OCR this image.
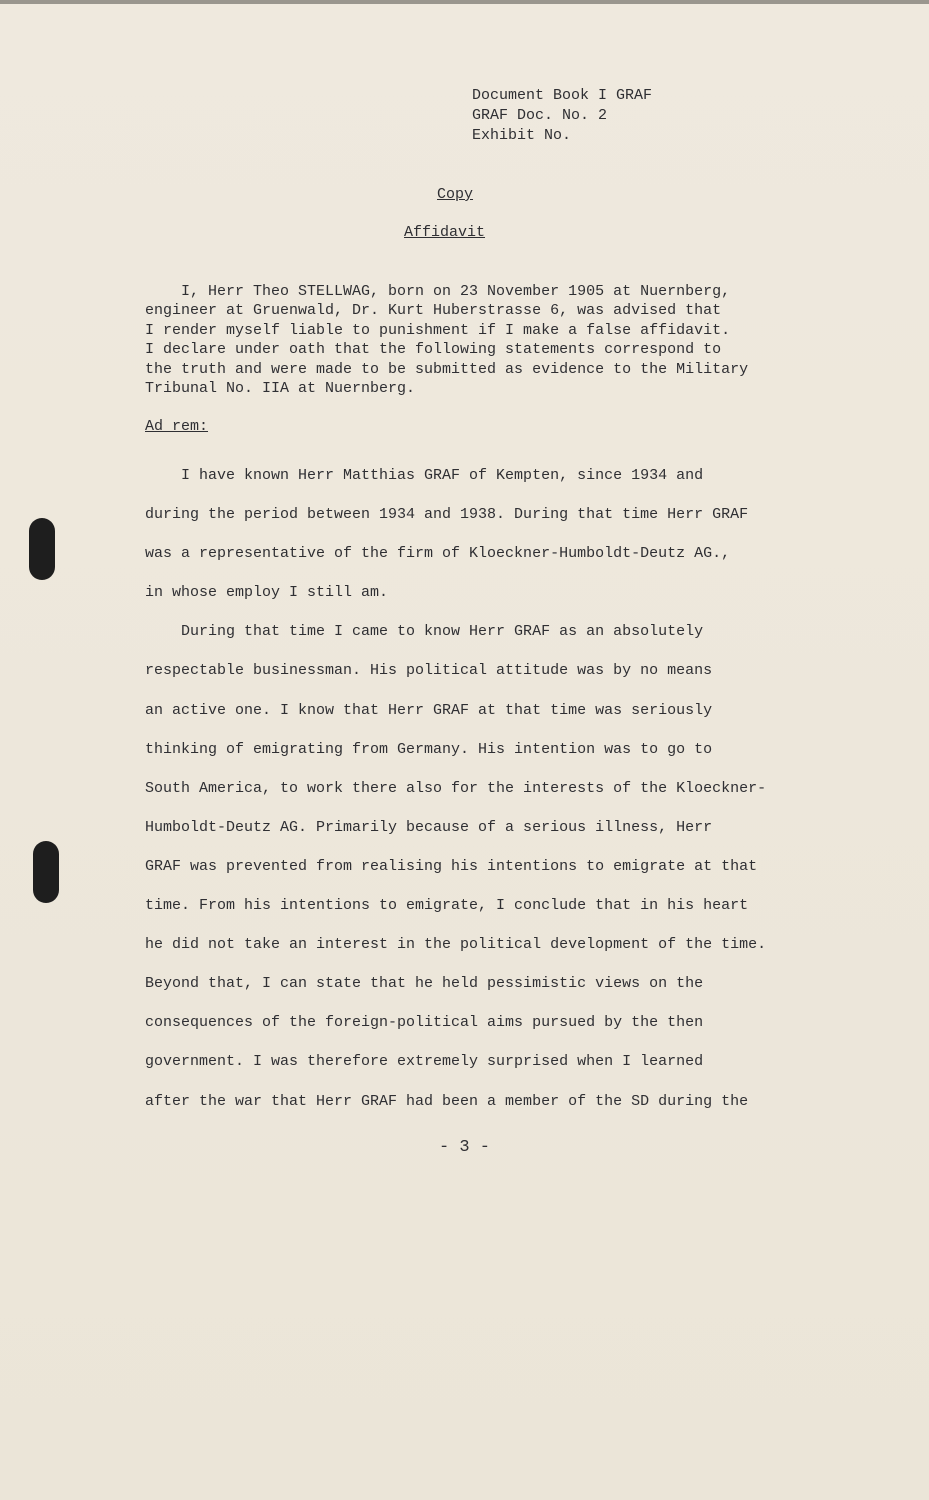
Document Book I GRAF
GRAF Doc. No. 2
Exhibit No.
Copy
Affidavit
I, Herr Theo STELLWAG, born on 23 November 1905 at Nuernberg,
engineer at Gruenwald, Dr. Kurt Huberstrasse 6, was advised that
I render myself liable to punishment if I make a false affidavit.
I declare under oath that the following statements correspond to
the truth and were made to be submitted as evidence to the Military
Tribunal No. IIA at Nuernberg.
Ad rem:
I have known Herr Matthias GRAF of Kempten, since 1934 and
during the period between 1934 and 1938. During that time Herr GRAF
was a representative of the firm of Kloeckner-Humboldt-Deutz AG.,
in whose employ I still am.
During that time I came to know Herr GRAF as an absolutely
respectable businessman. His political attitude was by no means
an active one. I know that Herr GRAF at that time was seriously
thinking of emigrating from Germany. His intention was to go to
South America, to work there also for the interests of the Kloeckner-
Humboldt-Deutz AG. Primarily because of a serious illness, Herr
GRAF was prevented from realising his intentions to emigrate at that
time. From his intentions to emigrate, I conclude that in his heart
he did not take an interest in the political development of the time.
Beyond that, I can state that he held pessimistic views on the
consequences of the foreign-political aims pursued by the then
government. I was therefore extremely surprised when I learned
after the war that Herr GRAF had been a member of the SD during the
- 3 -
